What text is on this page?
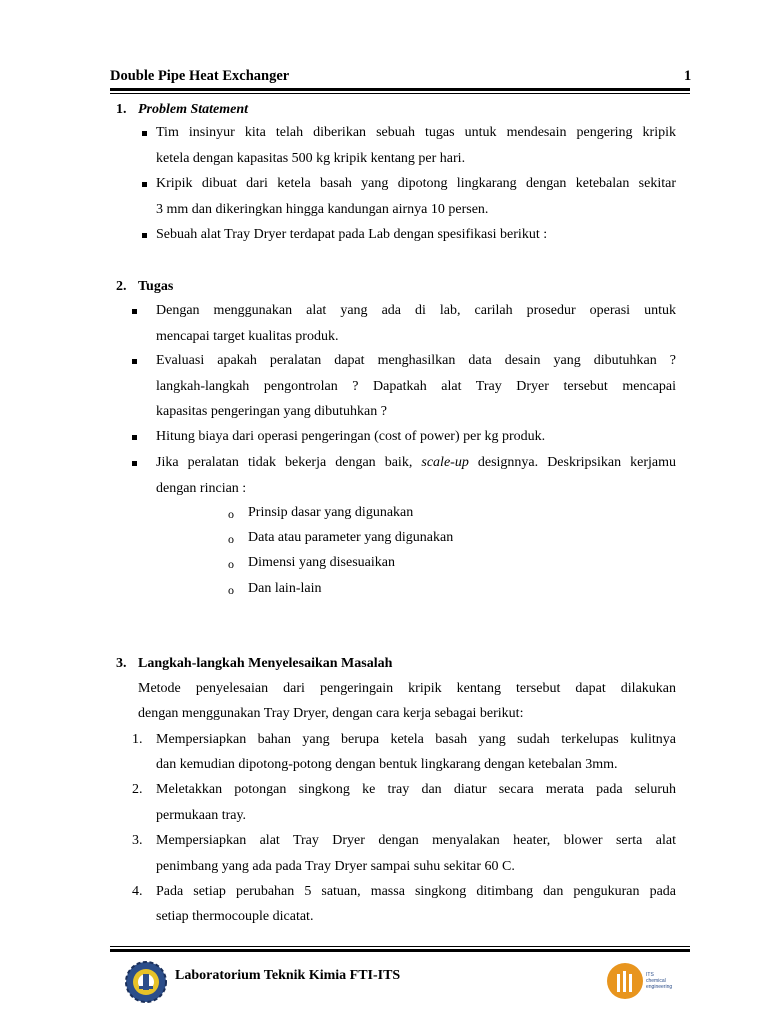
Double Pipe Heat Exchanger	1
1. Problem Statement
Tim insinyur kita telah diberikan sebuah tugas untuk mendesain pengering kripik
ketela dengan kapasitas 500 kg kripik kentang per hari.
Kripik dibuat dari ketela basah yang dipotong lingkarang dengan ketebalan sekitar
3 mm dan dikeringkan hingga kandungan airnya 10 persen.
Sebuah alat Tray Dryer terdapat pada Lab dengan spesifikasi berikut :
2. Tugas
Dengan menggunakan alat yang ada di lab, carilah prosedur operasi untuk
mencapai target kualitas produk.
Evaluasi apakah peralatan dapat menghasilkan data desain yang dibutuhkan ?
langkah-langkah pengontrolan ? Dapatkah alat Tray Dryer tersebut mencapai
kapasitas pengeringan yang dibutuhkan ?
Hitung biaya dari operasi pengeringan (cost of power) per kg produk.
Jika peralatan tidak bekerja dengan baik, scale-up designnya. Deskripsikan kerjamu
dengan rincian :
o Prinsip dasar yang digunakan
o Data atau parameter yang digunakan
o Dimensi yang disesuaikan
o Dan lain-lain
3. Langkah-langkah Menyelesaikan Masalah
Metode penyelesaian dari pengeringain kripik kentang tersebut dapat dilakukan
dengan menggunakan Tray Dryer, dengan cara kerja sebagai berikut:
1. Mempersiapkan bahan yang berupa ketela basah yang sudah terkelupas kulitnya
dan kemudian dipotong-potong dengan bentuk lingkarang dengan ketebalan 3mm.
2. Meletakkan potongan singkong ke tray dan diatur secara merata pada seluruh
permukaan tray.
3. Mempersiapkan alat Tray Dryer dengan menyalakan heater, blower serta alat
penimbang yang ada pada Tray Dryer sampai suhu sekitar 60 C.
4. Pada setiap perubahan 5 satuan, massa singkong ditimbang dan pengukuran pada
setiap thermocouple dicatat.
Laboratorium Teknik Kimia FTI-ITS	ITS
chemical
engineering
